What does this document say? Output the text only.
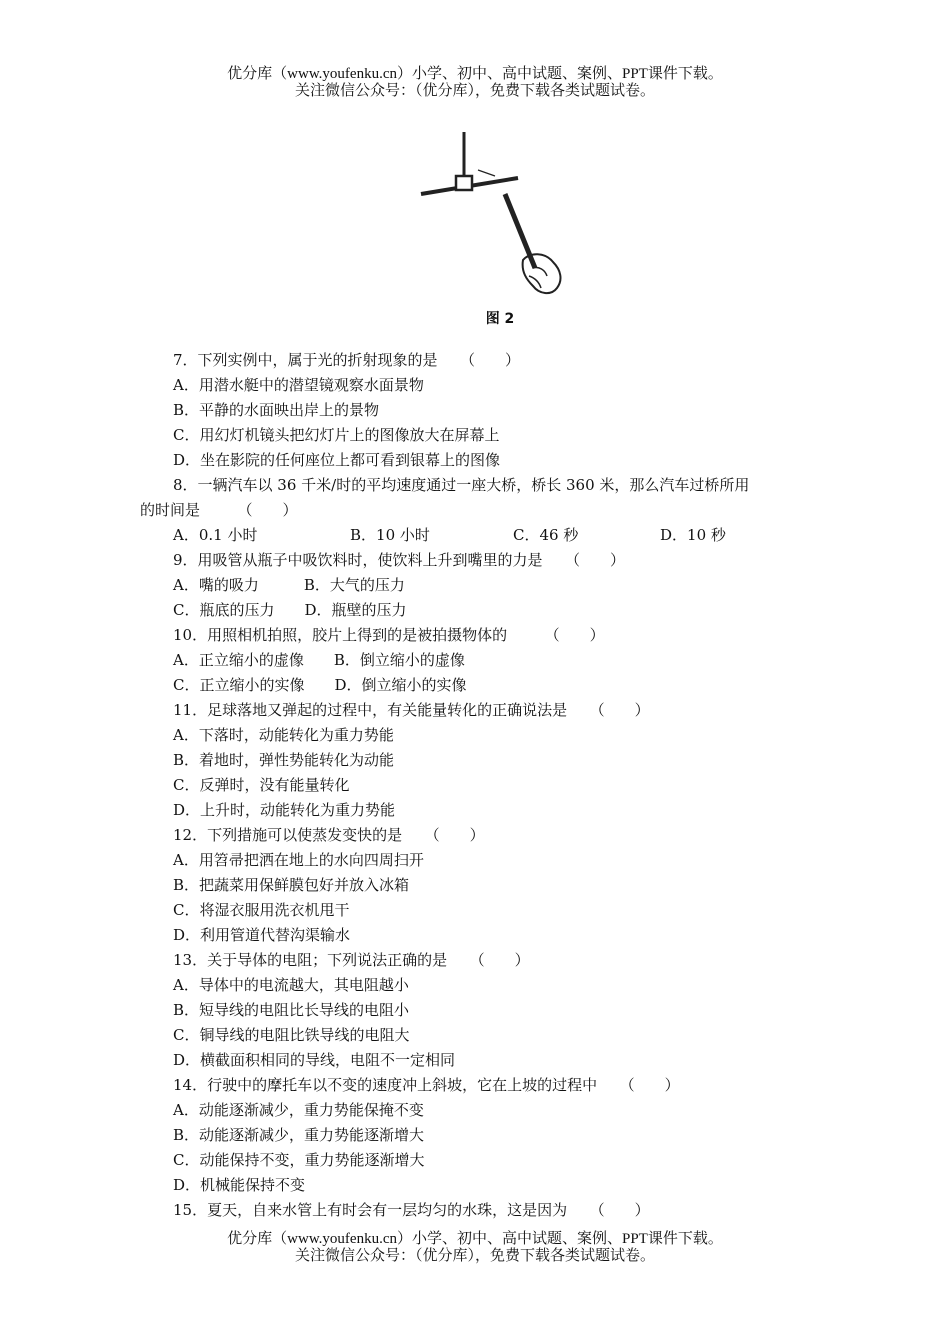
优分库（www.youfenku.cn）小学、初中、高中试题、案例、PPT课件下载。
关注微信公众号：（优分库），免费下载各类试题试卷。
图 2
7．下列实例中，属于光的折射现象的是　　（　　）
A．用潜水艇中的潜望镜观察水面景物
B．平静的水面映出岸上的景物
C．用幻灯机镜头把幻灯片上的图像放大在屏幕上
D．坐在影院的任何座位上都可看到银幕上的图像
8．一辆汽车以 36 千米/时的平均速度通过一座大桥，桥长 360 米，那么汽车过桥所用
的时间是　　　（　　）
A．0.1 小时	B．10 小时	C．46 秒	D．10 秒
9．用吸管从瓶子中吸饮料时，使饮料上升到嘴里的力是　　（　　）
A．嘴的吸力　　　B．大气的压力
C．瓶底的压力　　D．瓶壁的压力
10．用照相机拍照，胶片上得到的是被拍摄物体的　　　（　　）
A．正立缩小的虚像　　B．倒立缩小的虚像
C．正立缩小的实像　　D．倒立缩小的实像
11．足球落地又弹起的过程中，有关能量转化的正确说法是　　（　　）
A．下落时，动能转化为重力势能
B．着地时，弹性势能转化为动能
C．反弹时，没有能量转化
D．上升时，动能转化为重力势能
12．下列措施可以使蒸发变快的是　　（　　）
A．用笤帚把洒在地上的水向四周扫开
B．把蔬菜用保鲜膜包好并放入冰箱
C．将湿衣服用洗衣机甩干
D．利用管道代替沟渠输水
13．关于导体的电阻；下列说法正确的是　　（　　）
A．导体中的电流越大，其电阻越小
B．短导线的电阻比长导线的电阻小
C．铜导线的电阻比铁导线的电阻大
D．横截面积相同的导线，电阻不一定相同
14．行驶中的摩托车以不变的速度冲上斜坡，它在上坡的过程中　　（　　）
A．动能逐渐减少，重力势能保掩不变
B．动能逐渐减少，重力势能逐渐增大
C．动能保持不变，重力势能逐渐增大
D．机械能保持不变
15．夏天，自来水管上有时会有一层均匀的水珠，这是因为　　（　　）
优分库（www.youfenku.cn）小学、初中、高中试题、案例、PPT课件下载。
关注微信公众号：（优分库），免费下载各类试题试卷。
